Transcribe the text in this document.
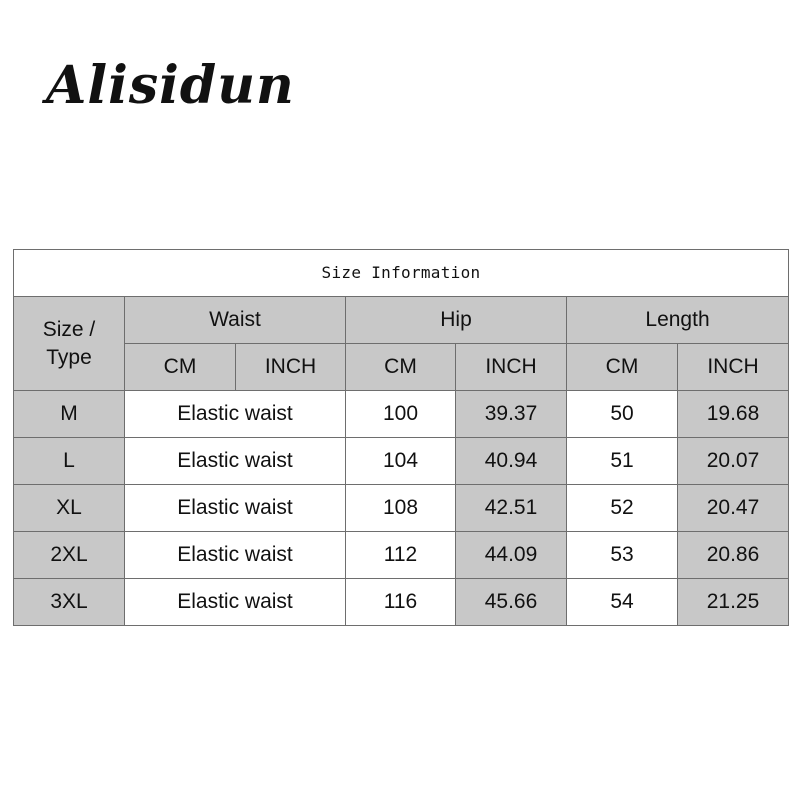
Alisidun
Size Information						
Size /
Type	Waist		Hip		Length	
	CM	INCH	CM	INCH	CM	INCH
M	Elastic waist		100	39.37	50	19.68
L	Elastic waist		104	40.94	51	20.07
XL	Elastic waist		108	42.51	52	20.47
2XL	Elastic waist		112	44.09	53	20.86
3XL	Elastic waist		116	45.66	54	21.25
